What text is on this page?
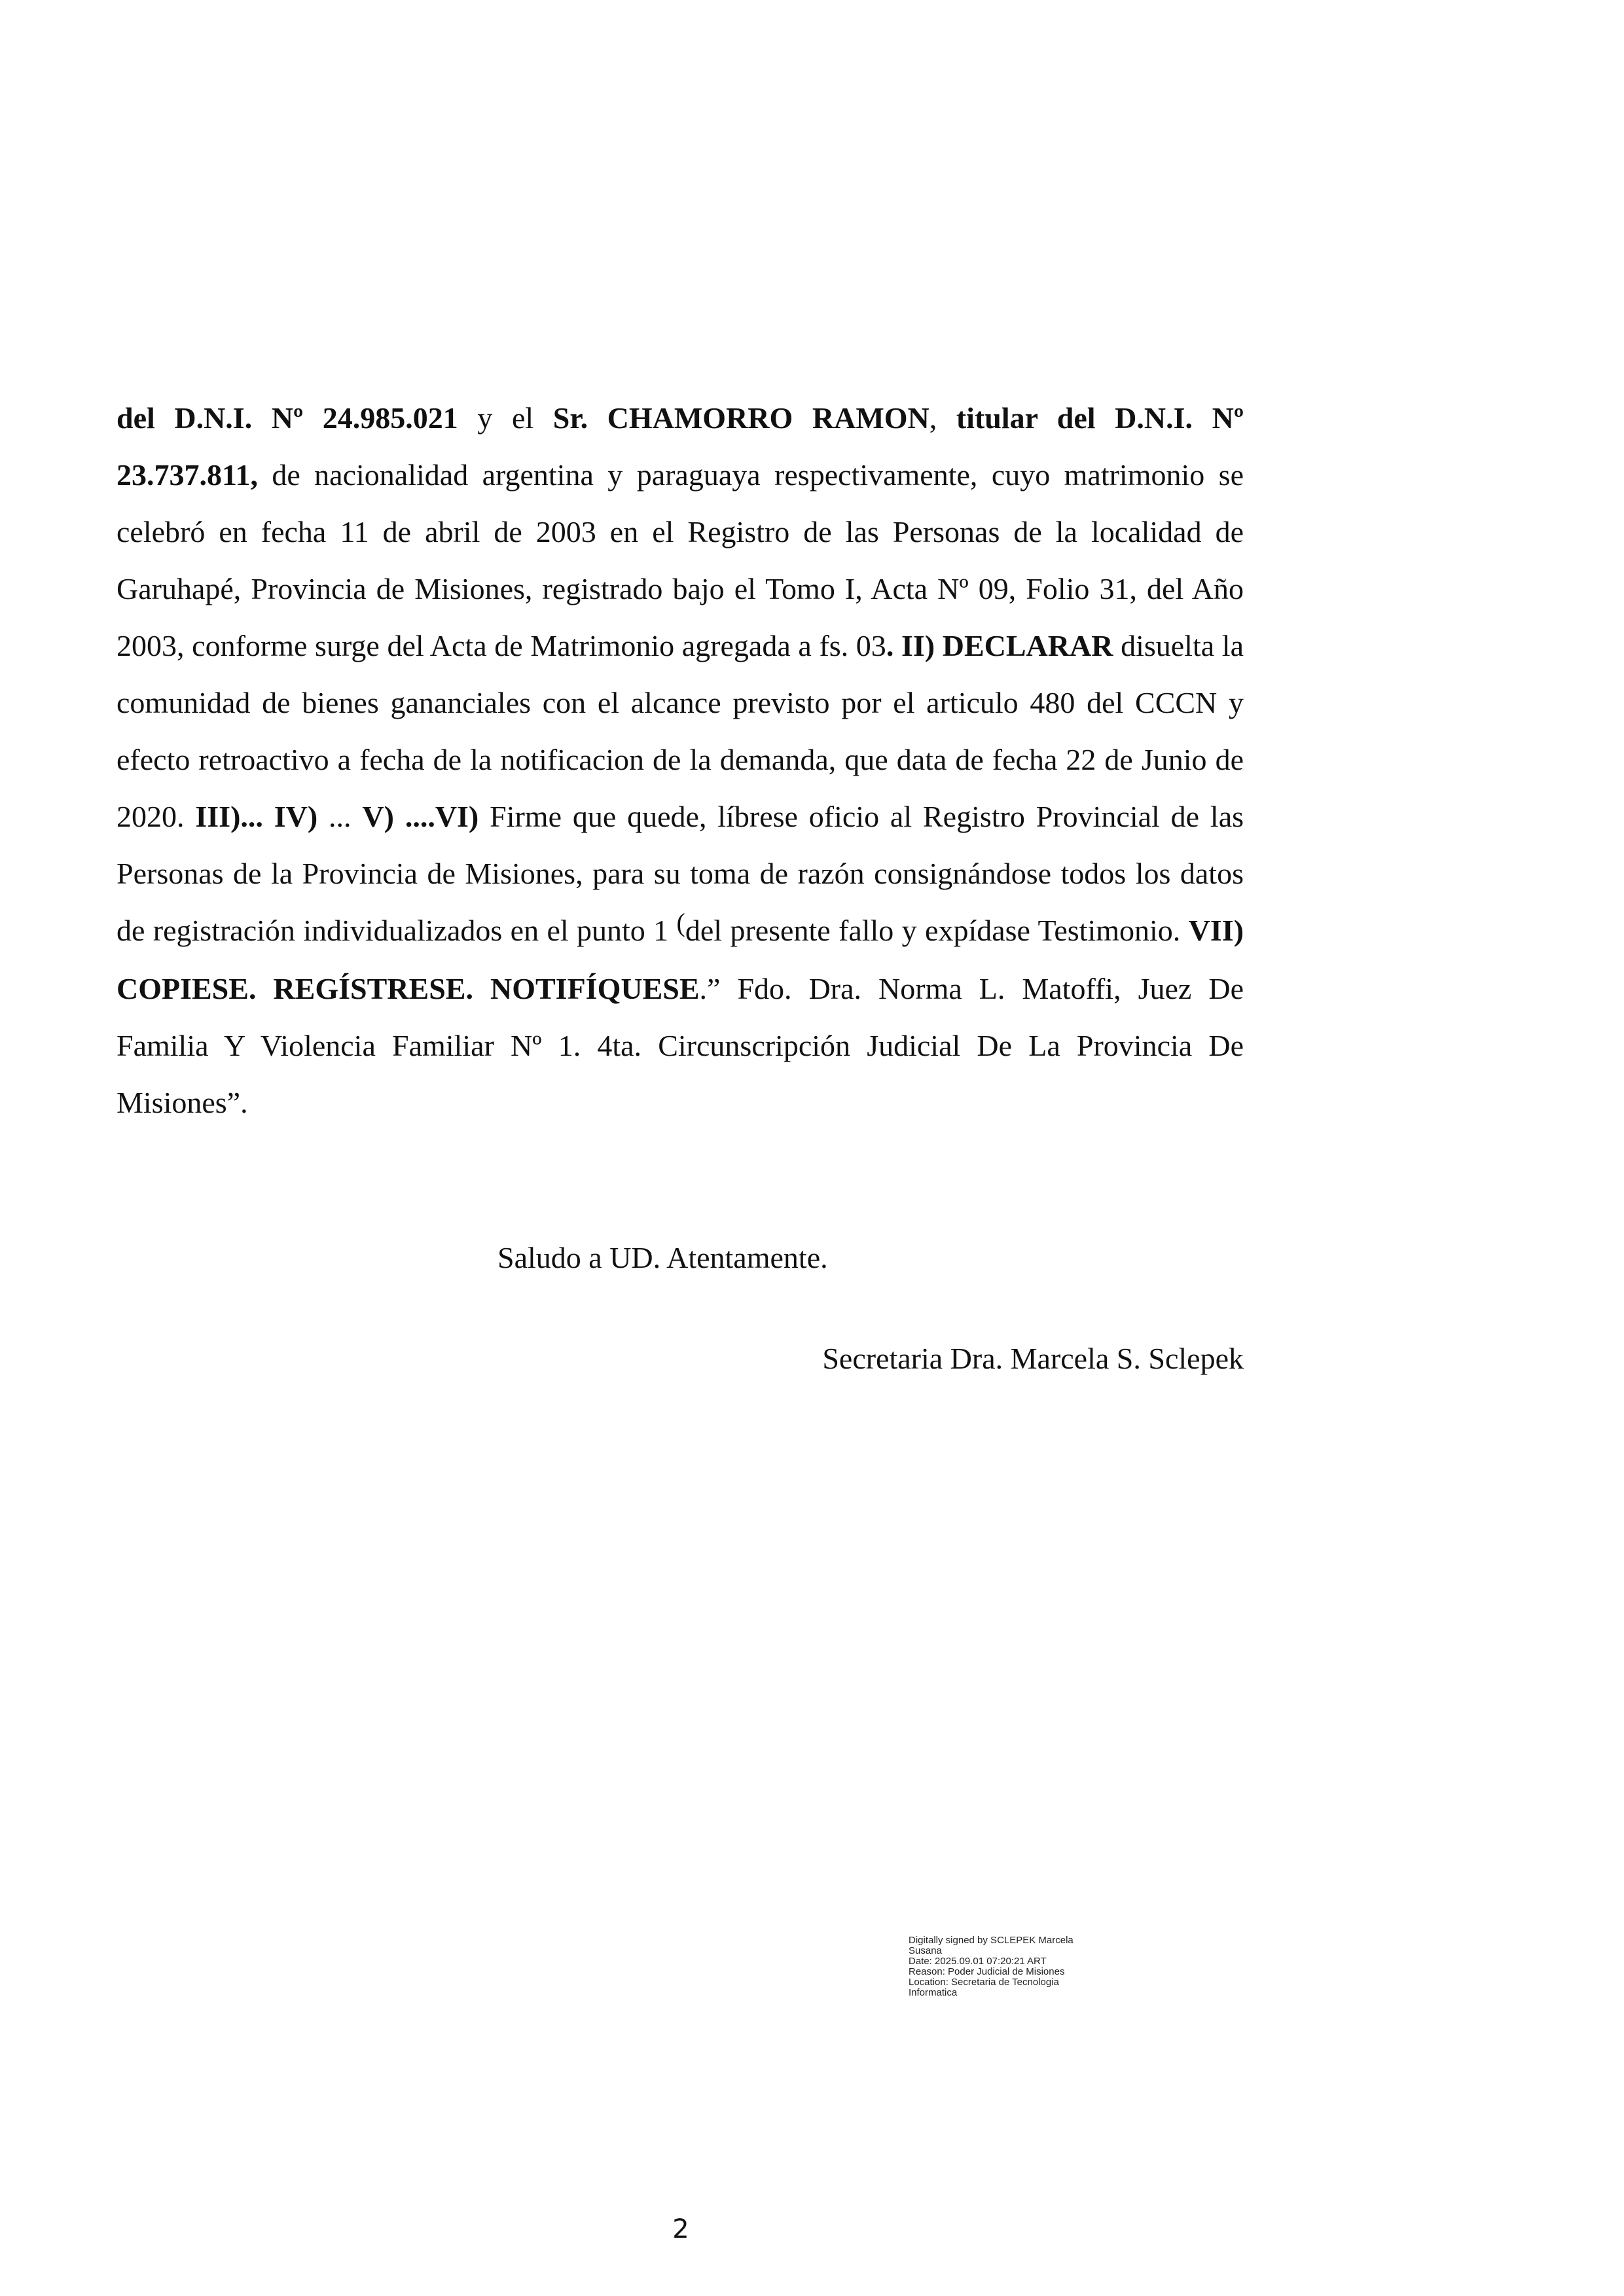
del D.N.I. Nº 24.985.021 y el Sr. CHAMORRO RAMON, titular del D.N.I. Nº 23.737.811, de nacionalidad argentina y paraguaya respectivamente, cuyo matrimonio se celebró en fecha 11 de abril de 2003 en el Registro de las Personas de la localidad de Garuhapé, Provincia de Misiones, registrado bajo el Tomo I, Acta Nº 09, Folio 31, del Año 2003, conforme surge del Acta de Matrimonio agregada a fs. 03. II) DECLARAR disuelta la comunidad de bienes gananciales con el alcance previsto por el articulo 480 del CCCN y efecto retroactivo a fecha de la notificacion de la demanda, que data de fecha 22 de Junio de 2020. III)... IV) ... V) ....VI) Firme que quede, líbrese oficio al Registro Provincial de las Personas de la Provincia de Misiones, para su toma de razón consignándose todos los datos de registración individualizados en el punto 1 (del presente fallo y expídase Testimonio. VII) COPIESE. REGÍSTRESE. NOTIFÍQUESE.” Fdo. Dra. Norma L. Matoffi, Juez De Familia Y Violencia Familiar Nº 1. 4ta. Circunscripción Judicial De La Provincia De Misiones”.

Saludo a UD. Atentamente.
Secretaria Dra. Marcela S. Sclepek
Digitally signed by SCLEPEK Marcela
Susana
Date: 2025.09.01 07:20:21 ART
Reason: Poder Judicial de Misiones
Location: Secretaria de Tecnologia
Informatica
2
